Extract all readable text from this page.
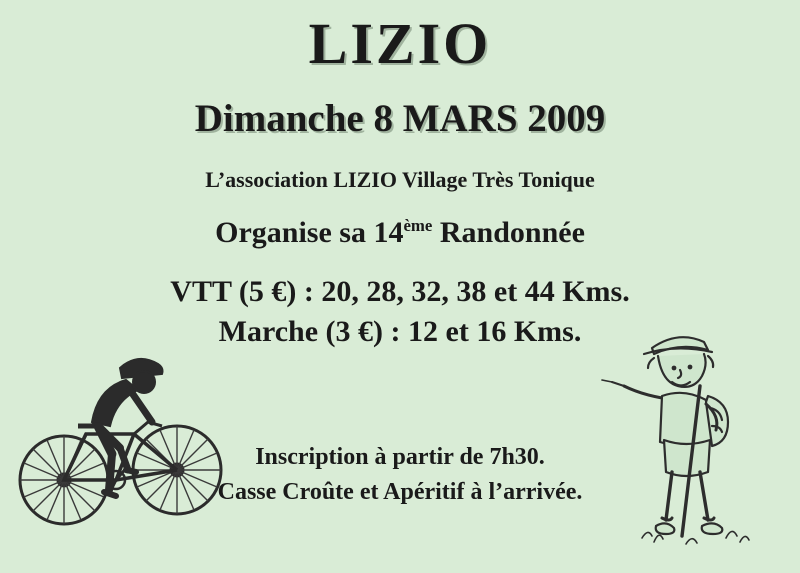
LIZIO
Dimanche 8 MARS 2009
L’association LIZIO Village Très Tonique
Organise sa 14ème Randonnée
VTT (5 €) : 20, 28, 32, 38 et 44 Kms.
Marche (3 €) : 12 et 16 Kms.

Inscription à partir de 7h30.

Casse Croûte et Apéritif à l’arrivée.
